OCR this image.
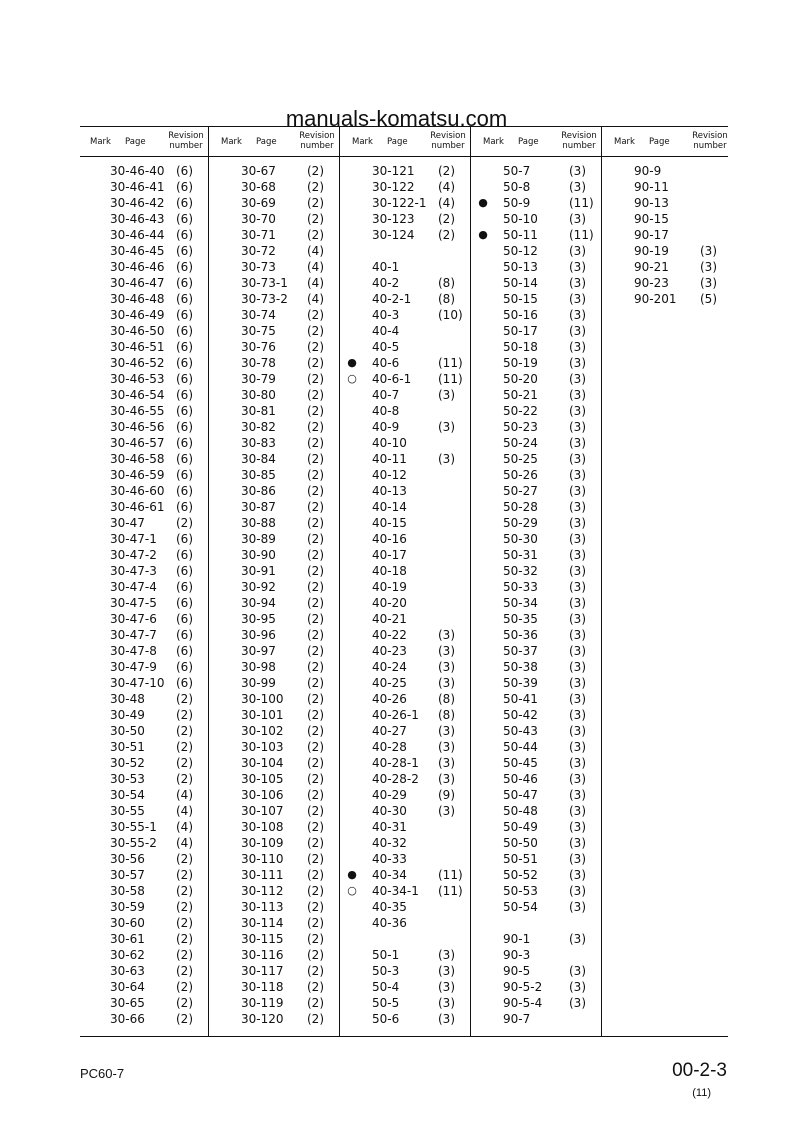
manuals-komatsu.com
Mark Page
Revision
number	Mark Page
Revision
number	Mark Page
Revision
number	Mark Page
Revision
number	Mark Page
Revision
number
30-46-40 (6)
30-46-41 (6)
30-46-42 (6)
30-46-43 (6)
30-46-44 (6)
30-46-45 (6)
30-46-46 (6)
30-46-47 (6)
30-46-48 (6)
30-46-49 (6)
30-46-50 (6)
30-46-51 (6)
30-46-52 (6)
30-46-53 (6)
30-46-54 (6)
30-46-55 (6)
30-46-56 (6)
30-46-57 (6)
30-46-58 (6)
30-46-59 (6)
30-46-60 (6)
30-46-61 (6)
30-47	(2)
30-47-1 (6)
30-47-2 (6)
30-47-3 (6)
30-47-4 (6)
30-47-5 (6)
30-47-6 (6)
30-47-7 (6)
30-47-8 (6)
30-47-9 (6)
30-47-10 (6)
30-48	(2)
30-49	(2)
30-50	(2)
30-51	(2)
30-52	(2)
30-53	(2)
30-54	(4)
30-55	(4)
30-55-1 (4)
30-55-2 (4)
30-56	(2)
30-57	(2)
30-58	(2)
30-59	(2)
30-60	(2)
30-61	(2)
30-62	(2)
30-63	(2)
30-64	(2)
30-65	(2)
30-66	(2)
30-67	(2)
30-68	(2)
30-69	(2)
30-70	(2)
30-71	(2)
30-72	(4)
30-73	(4)
30-73-1 (4)
30-73-2 (4)
30-74	(2)
30-75	(2)
30-76	(2)
30-78	(2)
30-79	(2)
30-80	(2)
30-81	(2)
30-82	(2)
30-83	(2)
30-84	(2)
30-85	(2)
30-86	(2)
30-87	(2)
30-88	(2)
30-89	(2)
30-90	(2)
30-91	(2)
30-92	(2)
30-94	(2)
30-95	(2)
30-96	(2)
30-97	(2)
30-98	(2)
30-99	(2)
30-100 (2)
30-101 (2)
30-102 (2)
30-103 (2)
30-104 (2)
30-105 (2)
30-106 (2)
30-107 (2)
30-108 (2)
30-109 (2)
30-110 (2)
30-111 (2)
30-112 (2)
30-113 (2)
30-114 (2)
30-115 (2)
30-116 (2)
30-117 (2)
30-118 (2)
30-119 (2)
30-120 (2)
30-121 (2)
30-122 (4)
30-122-1 (4)
30-123 (2)
30-124 (2)
40-1
40-2	(8)
40-2-1 (8)
40-3	(10)
40-4
40-5
●	40-6	(11)
○	40-6-1 (11)
40-7	(3)
40-8
40-9	(3)
40-10
40-11	(3)
40-12
40-13
40-14
40-15
40-16
40-17
40-18
40-19
40-20
40-21
40-22	(3)
40-23	(3)
40-24	(3)
40-25	(3)
40-26	(8)
40-26-1 (8)
40-27	(3)
40-28	(3)
40-28-1 (3)
40-28-2 (3)
40-29	(9)
40-30	(3)
40-31
40-32
40-33
●	40-34	(11)
○	40-34-1 (11)
40-35
40-36
50-1	(3)
50-3	(3)
50-4	(3)
50-5	(3)
50-6	(3)
50-7	(3)
50-8	(3)
●	50-9	(11)
50-10	(3)
●	50-11	(11)
50-12	(3)
50-13	(3)
50-14	(3)
50-15	(3)
50-16	(3)
50-17	(3)
50-18	(3)
50-19	(3)
50-20	(3)
50-21	(3)
50-22	(3)
50-23	(3)
50-24	(3)
50-25	(3)
50-26	(3)
50-27	(3)
50-28	(3)
50-29	(3)
50-30	(3)
50-31	(3)
50-32	(3)
50-33	(3)
50-34	(3)
50-35	(3)
50-36	(3)
50-37	(3)
50-38	(3)
50-39	(3)
50-41	(3)
50-42	(3)
50-43	(3)
50-44	(3)
50-45	(3)
50-46	(3)
50-47	(3)
50-48	(3)
50-49	(3)
50-50	(3)
50-51	(3)
50-52	(3)
50-53	(3)
50-54	(3)
90-1	(3)
90-3
90-5	(3)
90-5-2 (3)
90-5-4 (3)
90-7
90-9
90-11
90-13
90-15
90-17
90-19	(3)
90-21	(3)
90-23	(3)
90-201 (5)
PC60-7	00-2-3
(11)
